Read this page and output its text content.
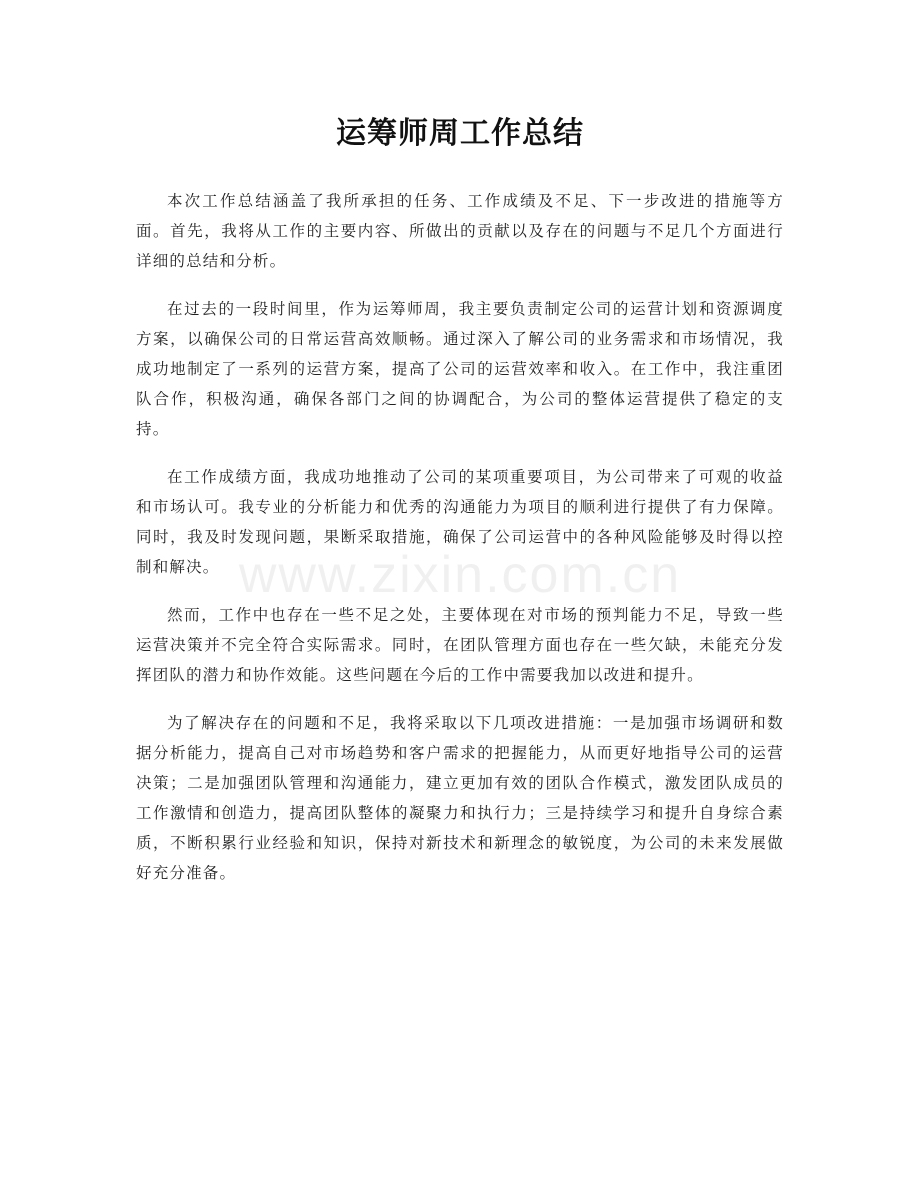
运筹师周工作总结

本次工作总结涵盖了我所承担的任务、工作成绩及不足、下一步改进的措施等方面。首先，我将从工作的主要内容、所做出的贡献以及存在的问题与不足几个方面进行详细的总结和分析。

在过去的一段时间里，作为运筹师周，我主要负责制定公司的运营计划和资源调度方案，以确保公司的日常运营高效顺畅。通过深入了解公司的业务需求和市场情况，我成功地制定了一系列的运营方案，提高了公司的运营效率和收入。在工作中，我注重团队合作，积极沟通，确保各部门之间的协调配合，为公司的整体运营提供了稳定的支持。

在工作成绩方面，我成功地推动了公司的某项重要项目，为公司带来了可观的收益和市场认可。我专业的分析能力和优秀的沟通能力为项目的顺利进行提供了有力保障。同时，我及时发现问题，果断采取措施，确保了公司运营中的各种风险能够及时得以控制和解决。

然而，工作中也存在一些不足之处，主要体现在对市场的预判能力不足，导致一些运营决策并不完全符合实际需求。同时，在团队管理方面也存在一些欠缺，未能充分发挥团队的潜力和协作效能。这些问题在今后的工作中需要我加以改进和提升。

为了解决存在的问题和不足，我将采取以下几项改进措施：一是加强市场调研和数据分析能力，提高自己对市场趋势和客户需求的把握能力，从而更好地指导公司的运营决策；二是加强团队管理和沟通能力，建立更加有效的团队合作模式，激发团队成员的工作激情和创造力，提高团队整体的凝聚力和执行力；三是持续学习和提升自身综合素质，不断积累行业经验和知识，保持对新技术和新理念的敏锐度，为公司的未来发展做好充分准备。

www.zixin.com.cn
